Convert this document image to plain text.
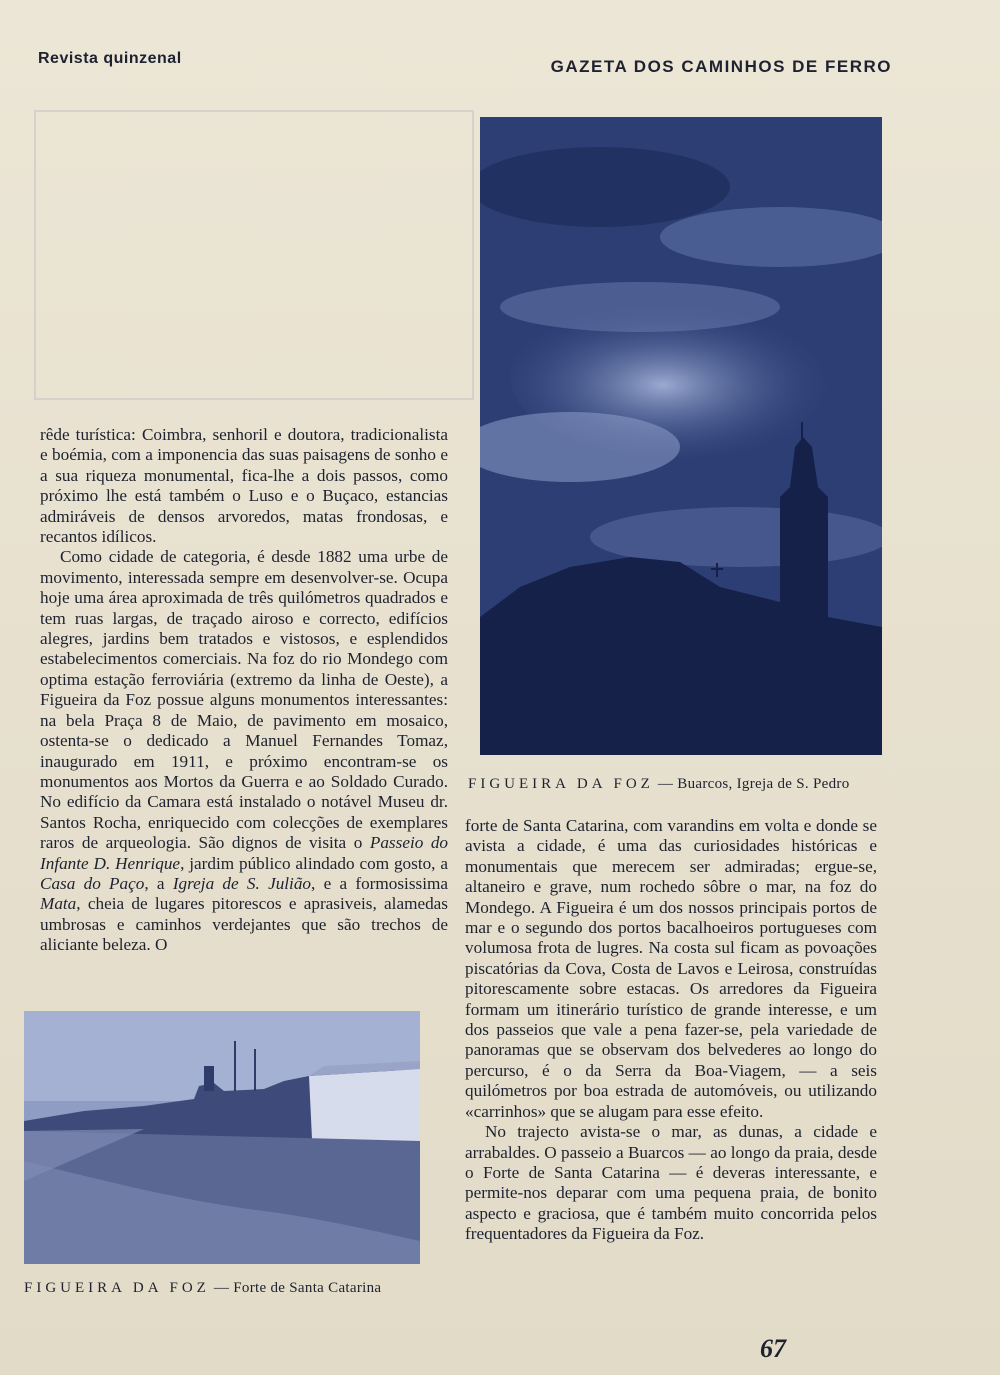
Revista quinzenal	GAZETA DOS CAMINHOS DE FERRO
FIGUEIRA DA FOZ — Buarcos, Igreja de S. Pedro

rêde turística: Coimbra, senhoril e doutora, tradicionalista e boémia, com a imponencia das suas paisagens de sonho e a sua riqueza monumental, fica-lhe a dois passos, como próximo lhe está também o Luso e o Buçaco, estancias admiráveis de densos arvoredos, matas frondosas, e recantos idílicos.

Como cidade de categoria, é desde 1882 uma urbe de movimento, interessada sempre em desenvolver-se. Ocupa hoje uma área aproximada de três quilómetros quadrados e tem ruas largas, de traçado airoso e correcto, edifícios alegres, jardins bem tratados e vistosos, e esplendidos estabelecimentos comerciais. Na foz do rio Mondego com optima estação ferroviária (extremo da linha de Oeste), a Figueira da Foz possue alguns monumentos interessantes: na bela Praça 8 de Maio, de pavimento em mosaico, ostenta-se o dedicado a Manuel Fernandes Tomaz, inaugurado em 1911, e próximo encontram-se os monumentos aos Mortos da Guerra e ao Soldado Curado. No edifício da Camara está instalado o notável Museu dr. Santos Rocha, enriquecido com colecções de exemplares raros de arqueologia. São dignos de visita o Passeio do Infante D. Henrique, jardim público alindado com gosto, a Casa do Paço, a Igreja de S. Julião, e a formosissima Mata, cheia de lugares pitorescos e aprasiveis, alamedas umbrosas e caminhos verdejantes que são trechos de aliciante beleza. O

forte de Santa Catarina, com varandins em volta e donde se avista a cidade, é uma das curiosidades históricas e monumentais que merecem ser admiradas; ergue-se, altaneiro e grave, num rochedo sôbre o mar, na foz do Mondego. A Figueira é um dos nossos principais portos de mar e o segundo dos portos bacalhoeiros portugueses com volumosa frota de lugres. Na costa sul ficam as povoações piscatórias da Cova, Costa de Lavos e Leirosa, construídas pitorescamente sobre estacas. Os arredores da Figueira formam um itinerário turístico de grande interesse, e um dos passeios que vale a pena fazer-se, pela variedade de panoramas que se observam dos belvederes ao longo do percurso, é o da Serra da Boa-Viagem, — a seis quilómetros por boa estrada de automóveis, ou utilizando «carrinhos» que se alugam para esse efeito.

No trajecto avista-se o mar, as dunas, a cidade e arrabaldes. O passeio a Buarcos — ao longo da praia, desde o Forte de Santa Catarina — é deveras interessante, e permite-nos deparar com uma pequena praia, de bonito aspecto e graciosa, que é também muito concorrida pelos frequentadores da Figueira da Foz.

FIGUEIRA DA FOZ — Forte de Santa Catarina
67
